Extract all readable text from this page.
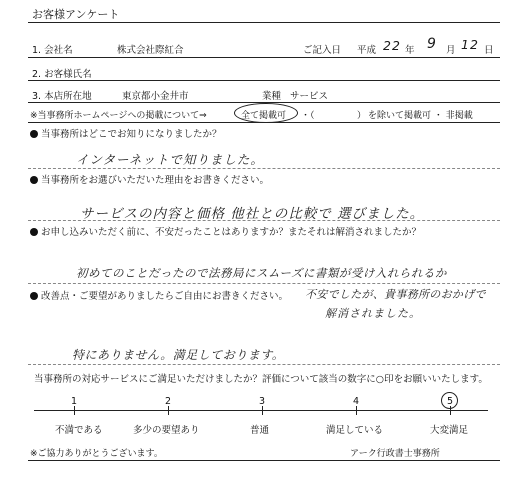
お客様アンケート
1. 会社名	株式会社際紅合	ご記入日 平成 22 年 9 月 12 日
2. お客様氏名
3. 本店所在地	東京都小金井市	業種 サービス
※当事務所ホームページへの掲載について⇒	全て掲載可 ・（	） を除いて掲載可 ・ 非掲載
当事務所はどこでお知りになりましたか？
インターネットで知りました。
当事務所をお選びいただいた理由をお書きください。
サービスの内容と価格 他社との比較で 選びました。
お申し込みいただく前に、不安だったことはありますか？またそれは解消されましたか？
初めてのことだったので法務局にスムーズに書類が受け入れられるか
改善点・ご要望がありましたらご自由にお書きください。 不安でしたが、貴事務所のおかげで
解消されました。
特にありません。満足しております。
当事務所の対応サービスにご満足いただけましたか？評価について該当の数字に○印をお願いいたします。
1
不満である
2
多少の要望あり
3
普通
4
満足している
5
大変満足
※ご協力ありがとうございます。	アーク行政書士事務所
